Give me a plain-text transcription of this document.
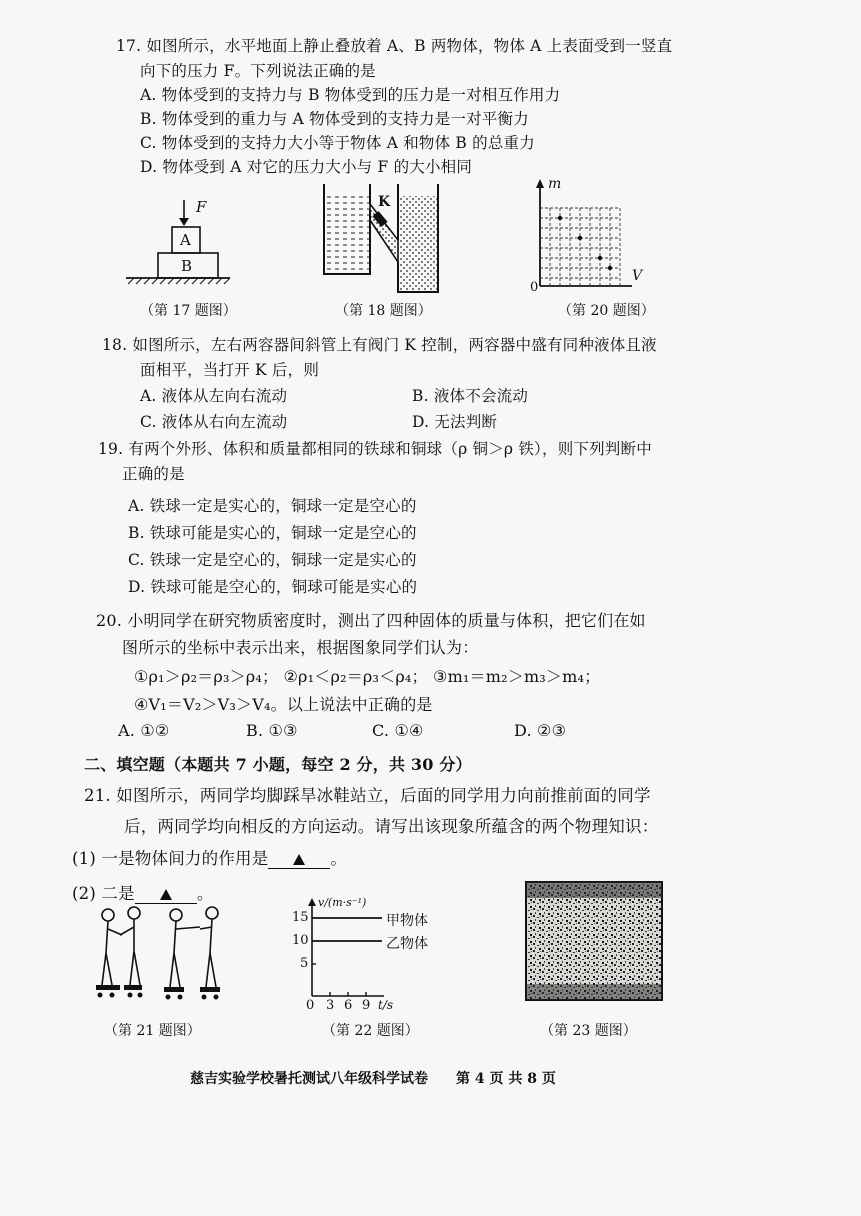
17. 如图所示，水平地面上静止叠放着 A、B 两物体，物体 A 上表面受到一竖直
向下的压力 F。下列说法正确的是
A. 物体受到的支持力与 B 物体受到的压力是一对相互作用力
B. 物体受到的重力与 A 物体受到的支持力是一对平衡力
C. 物体受到的支持力大小等于物体 A 和物体 B 的总重力
D. 物体受到 A 对它的压力大小与 F 的大小相同
F
A
B
（第 17 题图）
K
（第 18 题图）
m
V
0
（第 20 题图）
18. 如图所示，左右两容器间斜管上有阀门 K 控制，两容器中盛有同种液体且液
面相平，当打开 K 后，则
A. 液体从左向右流动	B. 液体不会流动
C. 液体从右向左流动	D. 无法判断
19. 有两个外形、体积和质量都相同的铁球和铜球（ρ 铜＞ρ 铁），则下列判断中
正确的是
A. 铁球一定是实心的，铜球一定是空心的
B. 铁球可能是实心的，铜球一定是空心的
C. 铁球一定是空心的，铜球一定是实心的
D. 铁球可能是空心的，铜球可能是实心的
20. 小明同学在研究物质密度时，测出了四种固体的质量与体积，把它们在如
图所示的坐标中表示出来，根据图象同学们认为：
①ρ₁＞ρ₂＝ρ₃＞ρ₄； ②ρ₁＜ρ₂＝ρ₃＜ρ₄； ③m₁＝m₂＞m₃＞m₄；
④V₁＝V₂＞V₃＞V₄。以上说法中正确的是
A. ①②	B. ①③	C. ①④	D. ②③
二、填空题（本题共 7 小题，每空 2 分，共 30 分）
21. 如图所示，两同学均脚踩旱冰鞋站立，后面的同学用力向前推前面的同学
后，两同学均向相反的方向运动。请写出该现象所蕴含的两个物理知识：
(1) 一是物体间力的作用是	。
(2) 二是	。
（第 21 题图）
v/(m·s⁻¹)
15
10
5
0 3 6 9 t/s
甲物体
乙物体
（第 22 题图）	（第 23 题图）
慈吉实验学校暑托测试八年级科学试卷 第 4 页 共 8 页
